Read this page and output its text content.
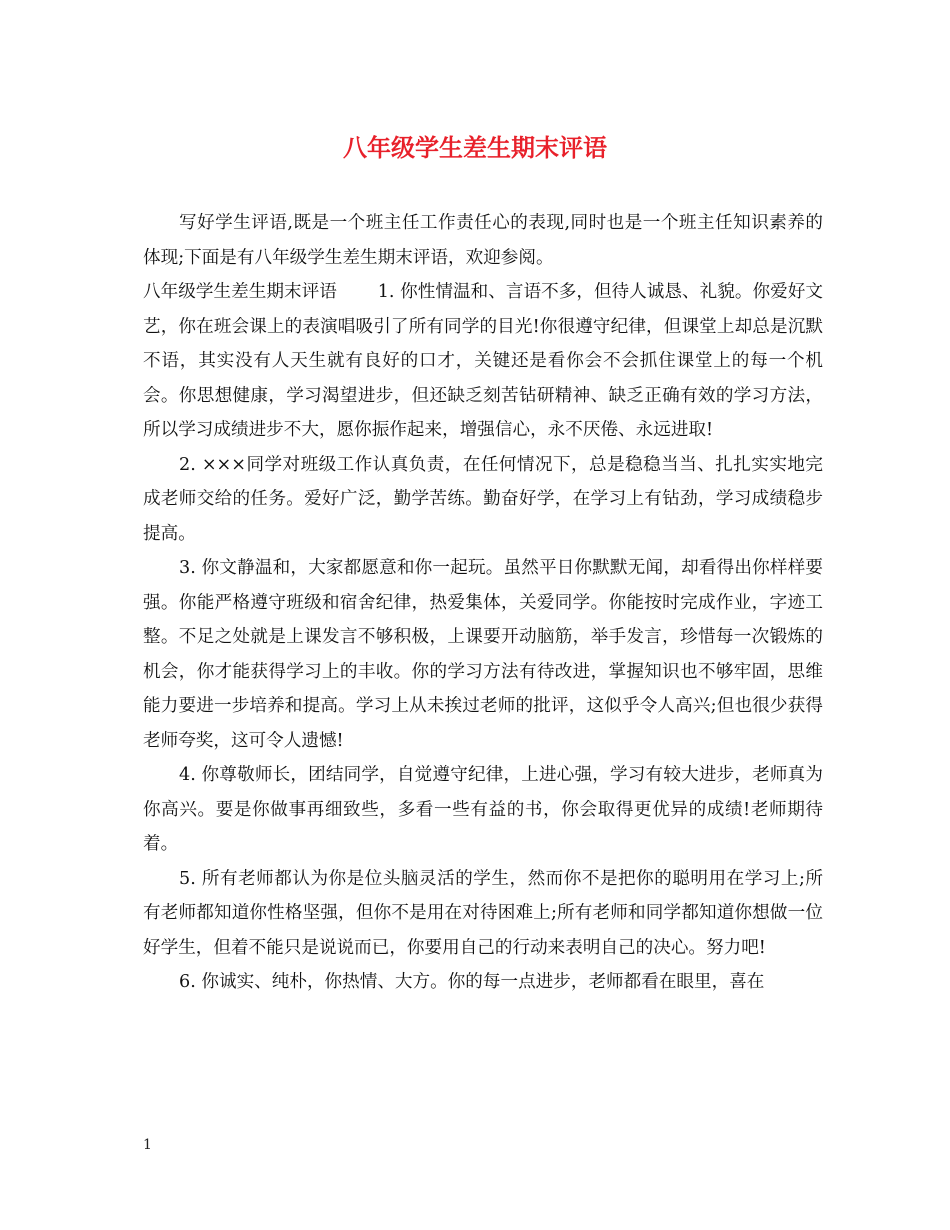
八年级学生差生期末评语

写好学生评语,既是一个班主任工作责任心的表现,同时也是一个班主任知识素养的体现;下面是有八年级学生差生期末评语，欢迎参阅。

八年级学生差生期末评语　　 1. 你性情温和、言语不多，但待人诚恳、礼貌。你爱好文艺，你在班会课上的表演唱吸引了所有同学的目光!你很遵守纪律，但课堂上却总是沉默不语，其实没有人天生就有良好的口才，关键还是看你会不会抓住课堂上的每一个机会。你思想健康，学习渴望进步，但还缺乏刻苦钻研精神、缺乏正确有效的学习方法，所以学习成绩进步不大，愿你振作起来，增强信心，永不厌倦、永远进取!

2. ×××同学对班级工作认真负责，在任何情况下，总是稳稳当当、扎扎实实地完成老师交给的任务。爱好广泛，勤学苦练。勤奋好学，在学习上有钻劲，学习成绩稳步提高。

3. 你文静温和，大家都愿意和你一起玩。虽然平日你默默无闻，却看得出你样样要强。你能严格遵守班级和宿舍纪律，热爱集体，关爱同学。你能按时完成作业，字迹工整。不足之处就是上课发言不够积极，上课要开动脑筋，举手发言，珍惜每一次锻炼的机会，你才能获得学习上的丰收。你的学习方法有待改进，掌握知识也不够牢固，思维能力要进一步培养和提高。学习上从未挨过老师的批评，这似乎令人高兴;但也很少获得老师夸奖，这可令人遗憾!

4. 你尊敬师长，团结同学，自觉遵守纪律，上进心强，学习有较大进步，老师真为你高兴。要是你做事再细致些，多看一些有益的书，你会取得更优异的成绩!老师期待着。

5. 所有老师都认为你是位头脑灵活的学生，然而你不是把你的聪明用在学习上;所有老师都知道你性格坚强，但你不是用在对待困难上;所有老师和同学都知道你想做一位好学生，但着不能只是说说而已，你要用自己的行动来表明自己的决心。努力吧!

6. 你诚实、纯朴，你热情、大方。你的每一点进步，老师都看在眼里，喜在

1
